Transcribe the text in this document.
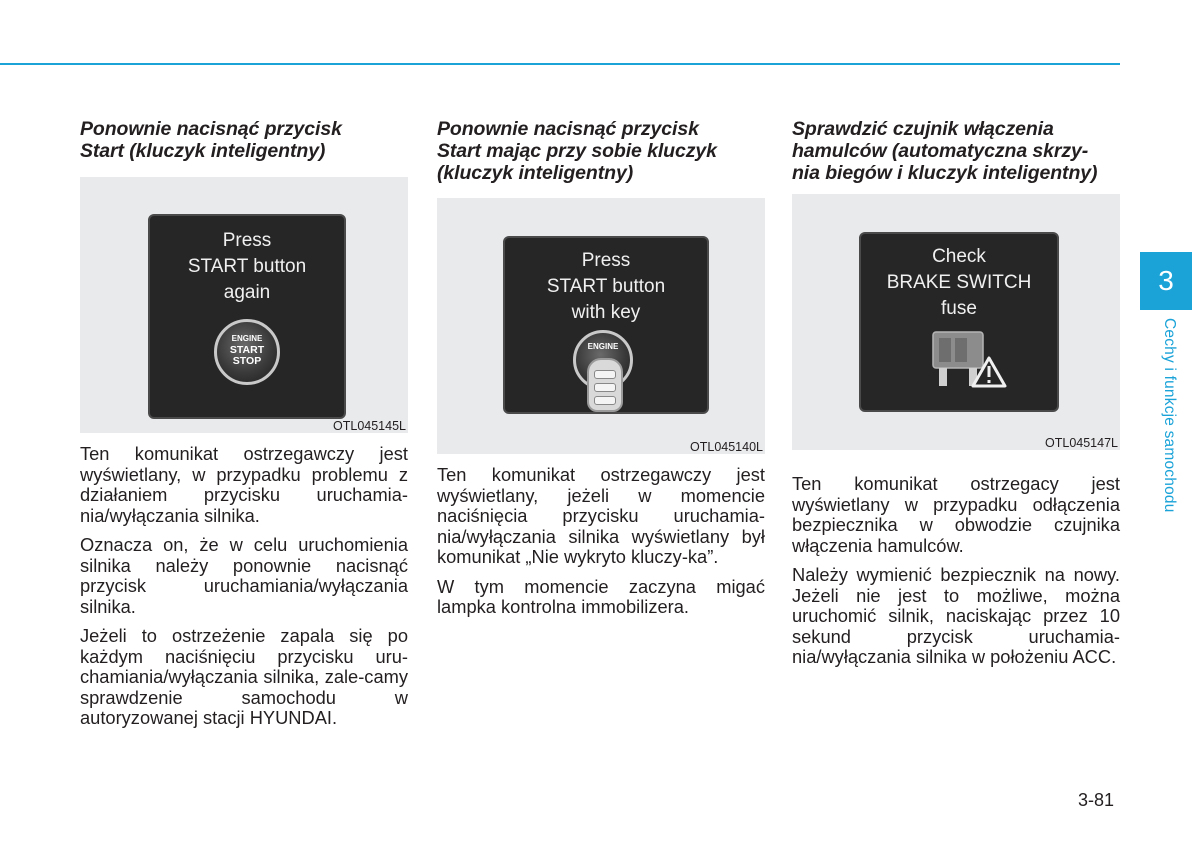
Ponownie nacisnąć przycisk
Start (kluczyk inteligentny)
Press
START button
again
ENGINE
START
STOP
OTL045145L

Ten komunikat ostrzegawczy jest wyświetlany, w przypadku problemu z działaniem przycisku uruchamia-nia/wyłączania silnika.

Oznacza on, że w celu uruchomienia silnika należy ponownie nacisnąć przycisk uruchamiania/wyłączania silnika.

Jeżeli to ostrzeżenie zapala się po każdym naciśnięciu przycisku uru-chamiania/wyłączania silnika, zale-camy sprawdzenie samochodu w autoryzowanej stacji HYUNDAI.

Ponownie nacisnąć przycisk
Start mając przy sobie kluczyk
(kluczyk inteligentny)
Press
START button
with key
ENGINE
OTL045140L

Ten komunikat ostrzegawczy jest wyświetlany, jeżeli w momencie naciśnięcia przycisku uruchamia-nia/wyłączania silnika wyświetlany był komunikat „Nie wykryto kluczy-ka”.

W tym momencie zaczyna migać lampka kontrolna immobilizera.

Sprawdzić czujnik włączenia
hamulców (automatyczna skrzy-
nia biegów i kluczyk inteligentny)
Check
BRAKE SWITCH
fuse
OTL045147L

Ten komunikat ostrzegacy jest wyświetlany w przypadku odłączenia bezpiecznika w obwodzie czujnika włączenia hamulców.

Należy wymienić bezpiecznik na nowy. Jeżeli nie jest to możliwe, można uruchomić silnik, naciskając przez 10 sekund przycisk uruchamia-nia/wyłączania silnika w położeniu ACC.

3
Cechy i funkcje samochodu
3-81
